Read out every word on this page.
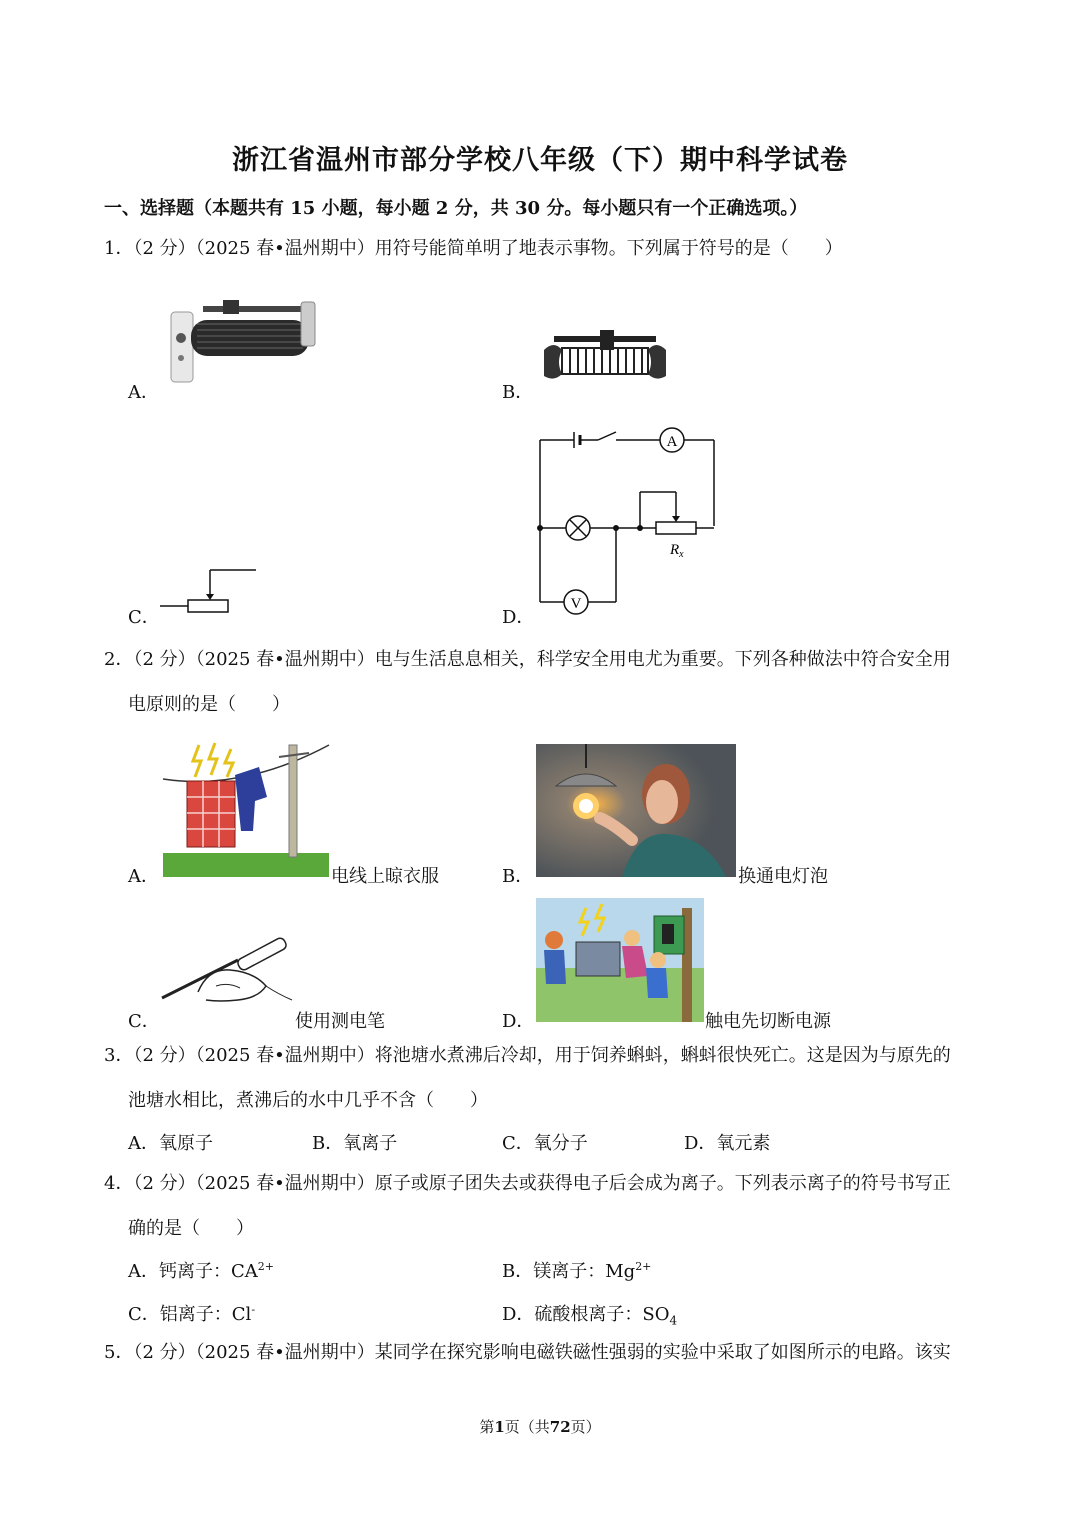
浙江省温州市部分学校八年级（下）期中科学试卷
一、选择题（本题共有 15 小题，每小题 2 分，共 30 分。每小题只有一个正确选项。）
1．（2 分）（2025 春•温州期中）用符号能简单明了地表示事物。下列属于符号的是（　　）
A．	B．
C．
A
V
$R_x$
D．
2．（2 分）（2025 春•温州期中）电与生活息息相关，科学安全用电尤为重要。下列各种做法中符合安全用
电原则的是（　　）
A．	电线上晾衣服	B．	换通电灯泡
C．	使用测电笔	D．	触电先切断电源
3．（2 分）（2025 春•温州期中）将池塘水煮沸后冷却，用于饲养蝌蚪，蝌蚪很快死亡。这是因为与原先的
池塘水相比，煮沸后的水中几乎不含（　　）
A．氧原子	B．氧离子	C．氧分子	D．氧元素
4．（2 分）（2025 春•温州期中）原子或原子团失去或获得电子后会成为离子。下列表示离子的符号书写正
确的是（　　）
A．钙离子：$CA^{2+}$	B．镁离子：$Mg^{2+}$
C．铝离子：Cl-	D．硫酸根离子：$SO_4$
5．（2 分）（2025 春•温州期中）某同学在探究影响电磁铁磁性强弱的实验中采取了如图所示的电路。该实
第1页（共72页）
